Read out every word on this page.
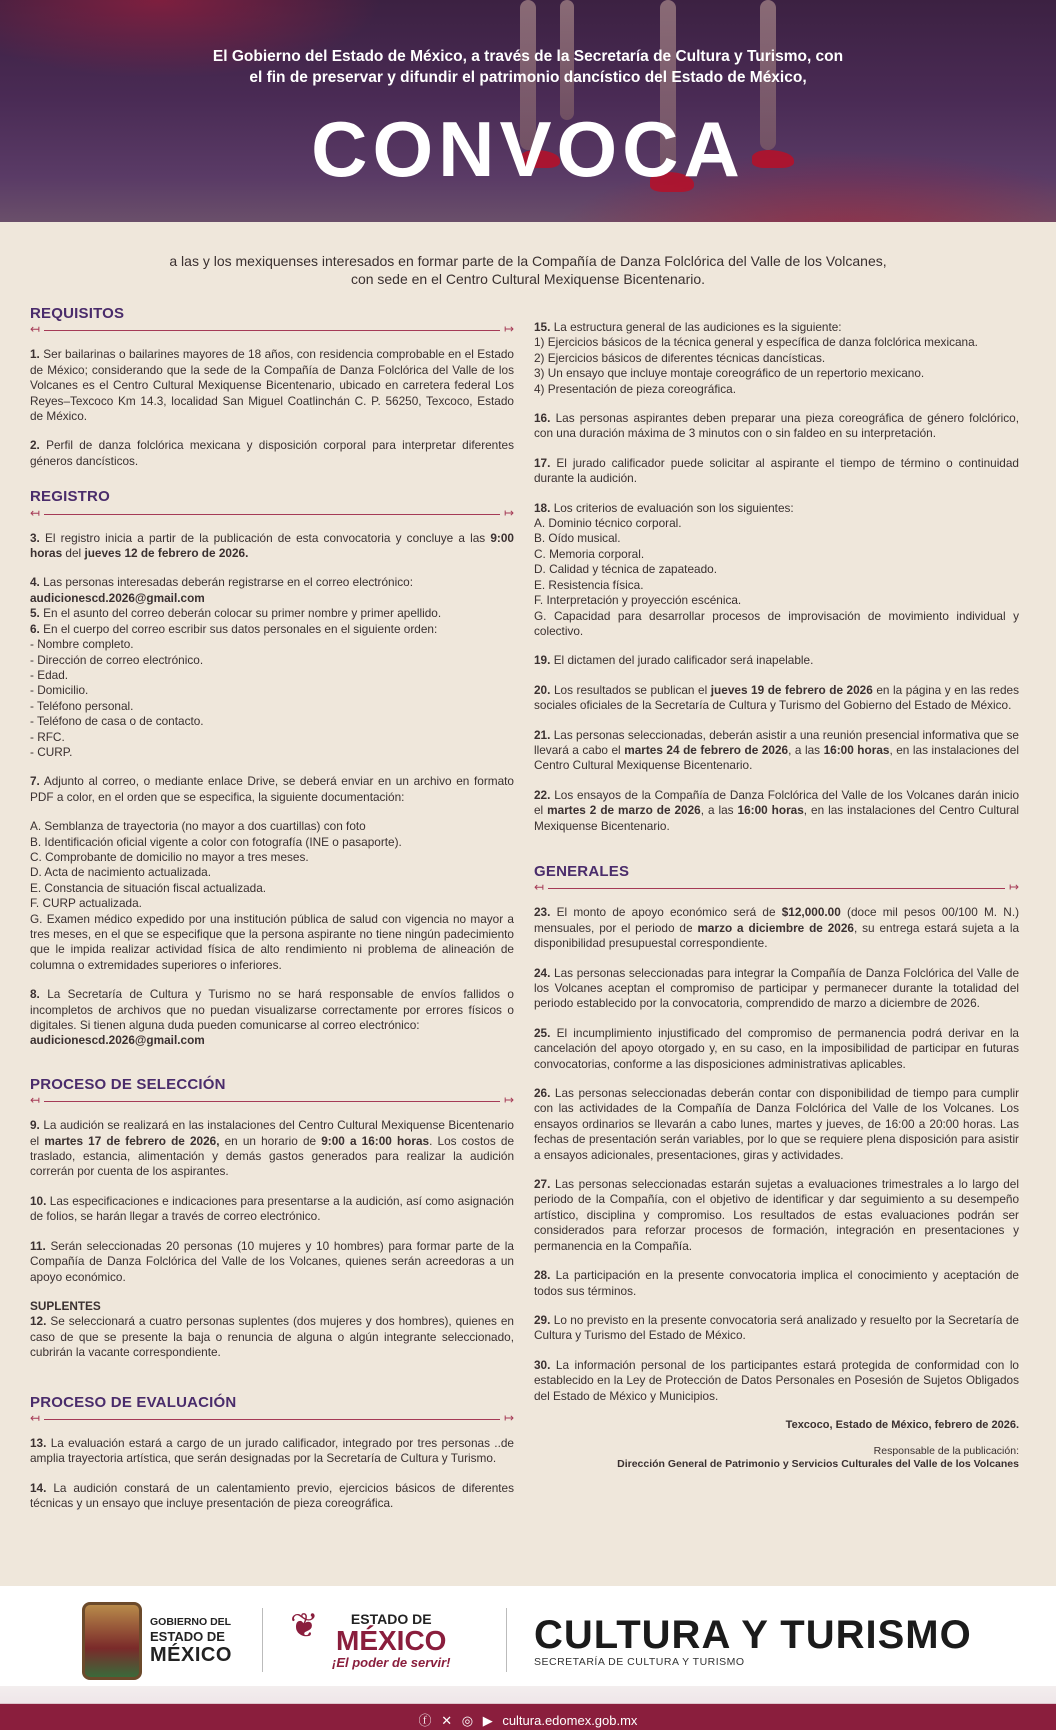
El Gobierno del Estado de México, a través de la Secretaría de Cultura y Turismo, con
el fin de preservar y difundir el patrimonio dancístico del Estado de México,
CONVOCA
a las y los mexiquenses interesados en formar parte de la Compañía de Danza Folclórica del Valle de los Volcanes,
con sede en el Centro Cultural Mexiquense Bicentenario.
REQUISITOS
↤	↦

1. Ser bailarinas o bailarines mayores de 18 años, con residencia comprobable en el Estado de México; considerando que la sede de la Compañía de Danza Folclórica del Valle de los Volcanes es el Centro Cultural Mexiquense Bicentenario, ubicado en carretera federal Los Reyes–Texcoco Km 14.3, localidad San Miguel Coatlinchán C. P. 56250, Texcoco, Estado de México.

2. Perfil de danza folclórica mexicana y disposición corporal para interpretar diferentes géneros dancísticos.

REGISTRO
↤	↦

3. El registro inicia a partir de la publicación de esta convocatoria y concluye a las 9:00 horas del jueves 12 de febrero de 2026.

4. Las personas interesadas deberán registrarse en el correo electrónico:
audicionescd.2026@gmail.com

5. En el asunto del correo deberán colocar su primer nombre y primer apellido.

6. En el cuerpo del correo escribir sus datos personales en el siguiente orden:

- Nombre completo.
- Dirección de correo electrónico.
- Edad.
- Domicilio.
- Teléfono personal.
- Teléfono de casa o de contacto.
- RFC.
- CURP.

7. Adjunto al correo, o mediante enlace Drive, se deberá enviar en un archivo en formato PDF a color, en el orden que se especifica, la siguiente documentación:

A. Semblanza de trayectoria (no mayor a dos cuartillas) con foto
B. Identificación oficial vigente a color con fotografía (INE o pasaporte).
C. Comprobante de domicilio no mayor a tres meses.
D. Acta de nacimiento actualizada.
E. Constancia de situación fiscal actualizada.
F. CURP actualizada.
G. Examen médico expedido por una institución pública de salud con vigencia no mayor a tres meses, en el que se especifique que la persona aspirante no tiene ningún padecimiento que le impida realizar actividad física de alto rendimiento ni problema de alineación de columna o extremidades superiores o inferiores.

8. La Secretaría de Cultura y Turismo no se hará responsable de envíos fallidos o incompletos de archivos que no puedan visualizarse correctamente por errores físicos o digitales. Si tienen alguna duda pueden comunicarse al correo electrónico:
audicionescd.2026@gmail.com

PROCESO DE SELECCIÓN
↤	↦

9. La audición se realizará en las instalaciones del Centro Cultural Mexiquense Bicentenario el martes 17 de febrero de 2026, en un horario de 9:00 a 16:00 horas. Los costos de traslado, estancia, alimentación y demás gastos generados para realizar la audición correrán por cuenta de los aspirantes.

10. Las especificaciones e indicaciones para presentarse a la audición, así como asignación de folios, se harán llegar a través de correo electrónico.

11. Serán seleccionadas 20 personas (10 mujeres y 10 hombres) para formar parte de la Compañía de Danza Folclórica del Valle de los Volcanes, quienes serán acreedoras a un apoyo económico.

SUPLENTES

12. Se seleccionará a cuatro personas suplentes (dos mujeres y dos hombres), quienes en caso de que se presente la baja o renuncia de alguna o algún integrante seleccionado, cubrirán la vacante correspondiente.

PROCESO DE EVALUACIÓN
↤	↦

13. La evaluación estará a cargo de un jurado calificador, integrado por tres personas ..de amplia trayectoria artística, que serán designadas por la Secretaría de Cultura y Turismo.

14. La audición constará de un calentamiento previo, ejercicios básicos de diferentes técnicas y un ensayo que incluye presentación de pieza coreográfica.

15. La estructura general de las audiciones es la siguiente:

1) Ejercicios básicos de la técnica general y específica de danza folclórica mexicana.
2) Ejercicios básicos de diferentes técnicas dancísticas.
3) Un ensayo que incluye montaje coreográfico de un repertorio mexicano.
4) Presentación de pieza coreográfica.

16. Las personas aspirantes deben preparar una pieza coreográfica de género folclórico, con una duración máxima de 3 minutos con o sin faldeo en su interpretación.

17. El jurado calificador puede solicitar al aspirante el tiempo de término o continuidad durante la audición.

18. Los criterios de evaluación son los siguientes:

A. Dominio técnico corporal.
B. Oído musical.
C. Memoria corporal.
D. Calidad y técnica de zapateado.
E. Resistencia física.
F. Interpretación y proyección escénica.
G. Capacidad para desarrollar procesos de improvisación de movimiento individual y colectivo.

19. El dictamen del jurado calificador será inapelable.

20. Los resultados se publican el jueves 19 de febrero de 2026 en la página y en las redes sociales oficiales de la Secretaría de Cultura y Turismo del Gobierno del Estado de México.

21. Las personas seleccionadas, deberán asistir a una reunión presencial informativa que se llevará a cabo el martes 24 de febrero de 2026, a las 16:00 horas, en las instalaciones del Centro Cultural Mexiquense Bicentenario.

22. Los ensayos de la Compañía de Danza Folclórica del Valle de los Volcanes darán inicio el martes 2 de marzo de 2026, a las 16:00 horas, en las instalaciones del Centro Cultural Mexiquense Bicentenario.

GENERALES
↤	↦

23. El monto de apoyo económico será de $12,000.00 (doce mil pesos 00/100 M. N.) mensuales, por el periodo de marzo a diciembre de 2026, su entrega estará sujeta a la disponibilidad presupuestal correspondiente.

24. Las personas seleccionadas para integrar la Compañía de Danza Folclórica del Valle de los Volcanes aceptan el compromiso de participar y permanecer durante la totalidad del periodo establecido por la convocatoria, comprendido de marzo a diciembre de 2026.

25. El incumplimiento injustificado del compromiso de permanencia podrá derivar en la cancelación del apoyo otorgado y, en su caso, en la imposibilidad de participar en futuras convocatorias, conforme a las disposiciones administrativas aplicables.

26. Las personas seleccionadas deberán contar con disponibilidad de tiempo para cumplir con las actividades de la Compañía de Danza Folclórica del Valle de los Volcanes. Los ensayos ordinarios se llevarán a cabo lunes, martes y jueves, de 16:00 a 20:00 horas. Las fechas de presentación serán variables, por lo que se requiere plena disposición para asistir a ensayos adicionales, presentaciones, giras y actividades.

27. Las personas seleccionadas estarán sujetas a evaluaciones trimestrales a lo largo del periodo de la Compañía, con el objetivo de identificar y dar seguimiento a su desempeño artístico, disciplina y compromiso. Los resultados de estas evaluaciones podrán ser considerados para reforzar procesos de formación, integración en presentaciones y permanencia en la Compañía.

28. La participación en la presente convocatoria implica el conocimiento y aceptación de todos sus términos.

29. Lo no previsto en la presente convocatoria será analizado y resuelto por la Secretaría de Cultura y Turismo del Estado de México.

30. La información personal de los participantes estará protegida de conformidad con lo establecido en la Ley de Protección de Datos Personales en Posesión de Sujetos Obligados del Estado de México y Municipios.

Texcoco, Estado de México, febrero de 2026.
Responsable de la publicación:
Dirección General de Patrimonio y Servicios Culturales del Valle de los Volcanes
GOBIERNO DEL
ESTADO DE
MÉXICO
❦	ESTADO DE
MÉXICO
¡El poder de servir!
CULTURA Y TURISMO
SECRETARÍA DE CULTURA Y TURISMO
ⓕ ✕ ◎ ▶ cultura.edomex.gob.mx
